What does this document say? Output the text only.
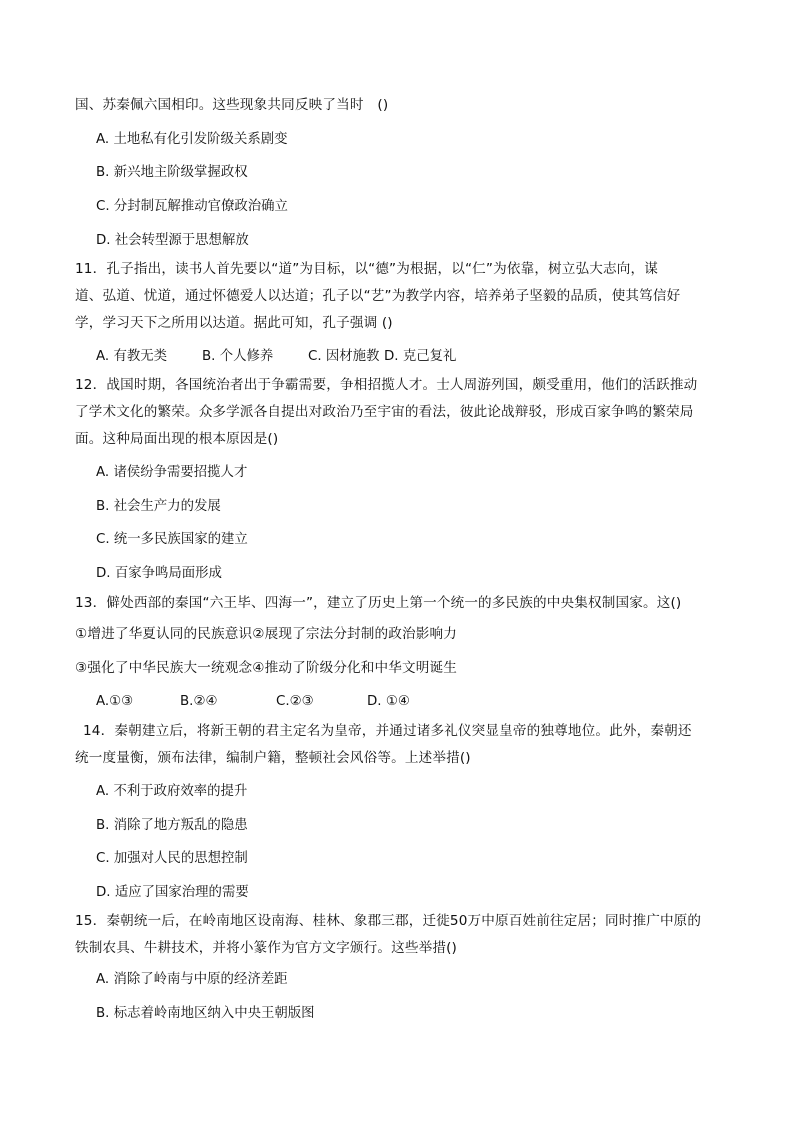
国、苏秦佩六国相印。这些现象共同反映了当时　()
A. 土地私有化引发阶级关系剧变
B. 新兴地主阶级掌握政权
C. 分封制瓦解推动官僚政治确立
D. 社会转型源于思想解放
11．孔子指出，读书人首先要以“道”为目标，以“德”为根据，以“仁”为依靠，树立弘大志向，谋
道、弘道、忧道，通过怀德爱人以达道；孔子以“艺”为教学内容，培养弟子坚毅的品质，使其笃信好
学，学习天下之所用以达道。据此可知，孔子强调 ()
A. 有教无类	B. 个人修养	C. 因材施教 D. 克己复礼
12．战国时期，各国统治者出于争霸需要，争相招揽人才。士人周游列国，颇受重用，他们的活跃推动
了学术文化的繁荣。众多学派各自提出对政治乃至宇宙的看法，彼此论战辩驳，形成百家争鸣的繁荣局
面。这种局面出现的根本原因是()
A. 诸侯纷争需要招揽人才
B. 社会生产力的发展
C. 统一多民族国家的建立
D. 百家争鸣局面形成
13．僻处西部的秦国“六王毕、四海一”，建立了历史上第一个统一的多民族的中央集权制国家。这()
①增进了华夏认同的民族意识②展现了宗法分封制的政治影响力
③强化了中华民族大一统观念④推动了阶级分化和中华文明诞生
A.①③	B.②④	C.②③	D. ①④
14．秦朝建立后，将新王朝的君主定名为皇帝，并通过诸多礼仪突显皇帝的独尊地位。此外，秦朝还
统一度量衡，颁布法律，编制户籍，整顿社会风俗等。上述举措()
A. 不利于政府效率的提升
B. 消除了地方叛乱的隐患
C. 加强对人民的思想控制
D. 适应了国家治理的需要
15．秦朝统一后，在岭南地区设南海、桂林、象郡三郡，迁徙50万中原百姓前往定居；同时推广中原的
铁制农具、牛耕技术，并将小篆作为官方文字颁行。这些举措()
A. 消除了岭南与中原的经济差距
B. 标志着岭南地区纳入中央王朝版图
